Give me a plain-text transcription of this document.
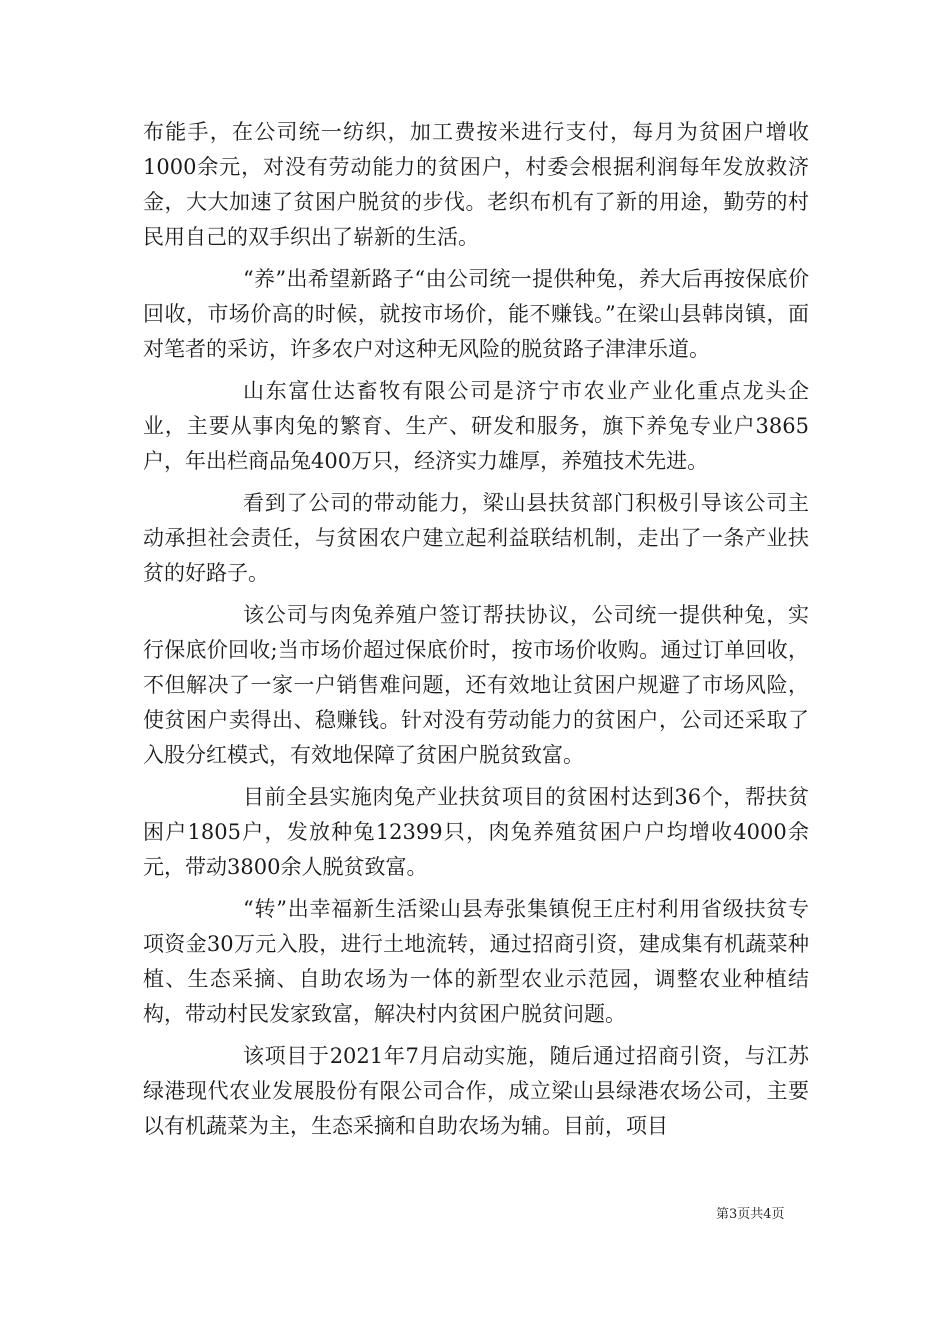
布能手，在公司统一纺织，加工费按米进行支付，每月为贫困户增收1000余元，对没有劳动能力的贫困户，村委会根据利润每年发放救济金，大大加速了贫困户脱贫的步伐。老织布机有了新的用途，勤劳的村民用自己的双手织出了崭新的生活。

“养”出希望新路子“由公司统一提供种兔，养大后再按保底价回收，市场价高的时候，就按市场价，能不赚钱。”在梁山县韩岗镇，面对笔者的采访，许多农户对这种无风险的脱贫路子津津乐道。

山东富仕达畜牧有限公司是济宁市农业产业化重点龙头企业，主要从事肉兔的繁育、生产、研发和服务，旗下养兔专业户3865户，年出栏商品兔400万只，经济实力雄厚，养殖技术先进。

看到了公司的带动能力，梁山县扶贫部门积极引导该公司主动承担社会责任，与贫困农户建立起利益联结机制，走出了一条产业扶贫的好路子。

该公司与肉兔养殖户签订帮扶协议，公司统一提供种兔，实行保底价回收;当市场价超过保底价时，按市场价收购。通过订单回收，不但解决了一家一户销售难问题，还有效地让贫困户规避了市场风险，使贫困户卖得出、稳赚钱。针对没有劳动能力的贫困户，公司还采取了入股分红模式，有效地保障了贫困户脱贫致富。

目前全县实施肉兔产业扶贫项目的贫困村达到36个，帮扶贫困户1805户，发放种兔12399只，肉兔养殖贫困户户均增收4000余元，带动3800余人脱贫致富。

“转”出幸福新生活梁山县寿张集镇倪王庄村利用省级扶贫专项资金30万元入股，进行土地流转，通过招商引资，建成集有机蔬菜种植、生态采摘、自助农场为一体的新型农业示范园，调整农业种植结构，带动村民发家致富，解决村内贫困户脱贫问题。

该项目于2021年7月启动实施，随后通过招商引资，与江苏绿港现代农业发展股份有限公司合作，成立梁山县绿港农场公司，主要以有机蔬菜为主，生态采摘和自助农场为辅。目前，项目

第3页共4页
